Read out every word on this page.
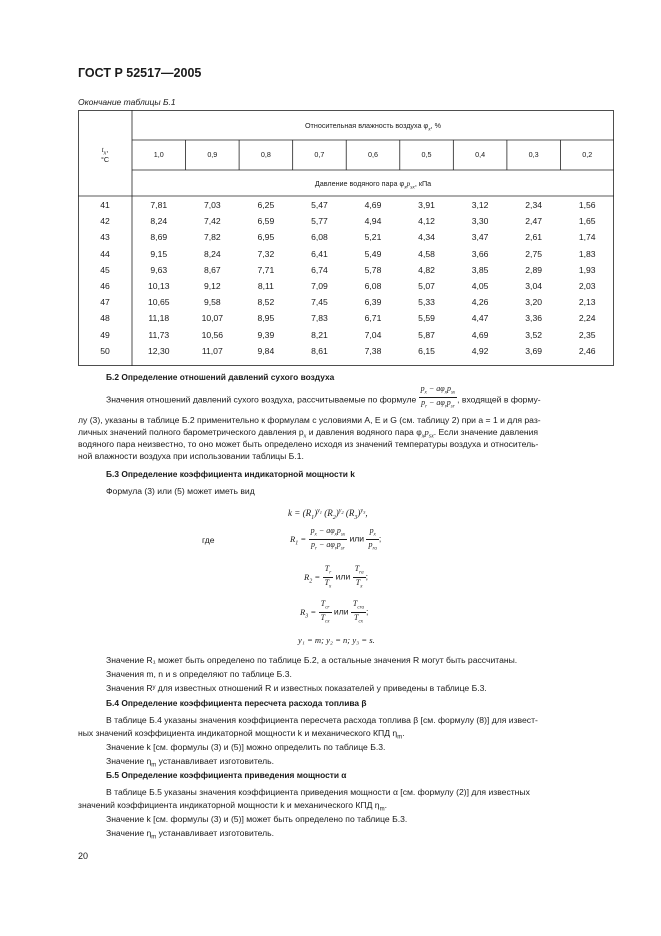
ГОСТ Р 52517—2005
Окончание таблицы Б.1
$t_x$,
°C
Относительная влажность воздуха $\varphi_x$, %
1,0	0,9	0,8	0,7	0,6	0,5	0,4	0,3	0,2
Давление водяного пара $\varphi_xp_{sx}$, кПа
41	7,81	7,03	6,25	5,47	4,69	3,91	3,12	2,34	1,56
42	8,24	7,42	6,59	5,77	4,94	4,12	3,30	2,47	1,65
43	8,69	7,82	6,95	6,08	5,21	4,34	3,47	2,61	1,74
44	9,15	8,24	7,32	6,41	5,49	4,58	3,66	2,75	1,83
45	9,63	8,67	7,71	6,74	5,78	4,82	3,85	2,89	1,93
46	10,13	9,12	8,11	7,09	6,08	5,07	4,05	3,04	2,03
47	10,65	9,58	8,52	7,45	6,39	5,33	4,26	3,20	2,13
48	11,18	10,07	8,95	7,83	6,71	5,59	4,47	3,36	2,24
49	11,73	10,56	9,39	8,21	7,04	5,87	4,69	3,52	2,35
50	12,30	11,07	9,84	8,61	7,38	6,15	4,92	3,69	2,46
Б.2 Определение отношений давлений сухого воздуха
Значения отношений давлений сухого воздуха, рассчитываемые по формуле $\frac{p_x - a\varphi_xp_{sx}}{p_r - a\varphi_rp_{sr}}$ , входящей в форму-
лу (3), указаны в таблице Б.2 применительно к формулам с условиями A, E и G (см. таблицу 2) при a = 1 и для раз-
личных значений полного барометрического давления $p_x$ и давления водяного пара $\varphi_xp_{sx}$. Если значение давления
водяного пара неизвестно, то оно может быть определено исходя из значений температуры воздуха и относитель-
ной влажности воздуха при использовании таблицы Б.1.
Б.3 Определение коэффициента индикаторной мощности k
Формула (3) или (5) может иметь вид
$k = (R_1)^{y_1}$ $(R_2)^{y_2}$ $(R_3)^{y_3}$,
где	$R_1 = \frac{p_x - a\varphi_xp_{sx}}{p_r - a\varphi_rp_{sr}}$ или $\frac{p_x}{p_{ra}}$ ;
$R_2 = \frac{T_r}{T_x}$ или $\frac{T_{ra}}{T_x}$ ;
$R_3 = \frac{T_{cr}}{T_{cx}}$ или $\frac{T_{cra}}{T_{cx}}$ ;
y₁ = m; y₂ = n; y₃ = s.
Значение R₁ может быть определено по таблице Б.2, а остальные значения R могут быть рассчитаны.
Значения m, n и s определяют по таблице Б.3.
Значения Rʸ для известных отношений R и известных показателей y приведены в таблице Б.3.
Б.4 Определение коэффициента пересчета расхода топлива β
В таблице Б.4 указаны значения коэффициента пересчета расхода топлива β [см. формулу (8)] для извест-
ных значений коэффициента индикаторной мощности k и механического КПД $\eta_m$.
Значение k [см. формулы (3) и (5)] можно определить по таблице Б.3.
Значение $\eta_m$ устанавливает изготовитель.
Б.5 Определение коэффициента приведения мощности α
В таблице Б.5 указаны значения коэффициента приведения мощности α [см. формулу (2)] для известных
значений коэффициента индикаторной мощности k и механического КПД $\eta_m$.
Значение k [см. формулы (3) и (5)] может быть определено по таблице Б.3.
Значение $\eta_m$ устанавливает изготовитель.
20
